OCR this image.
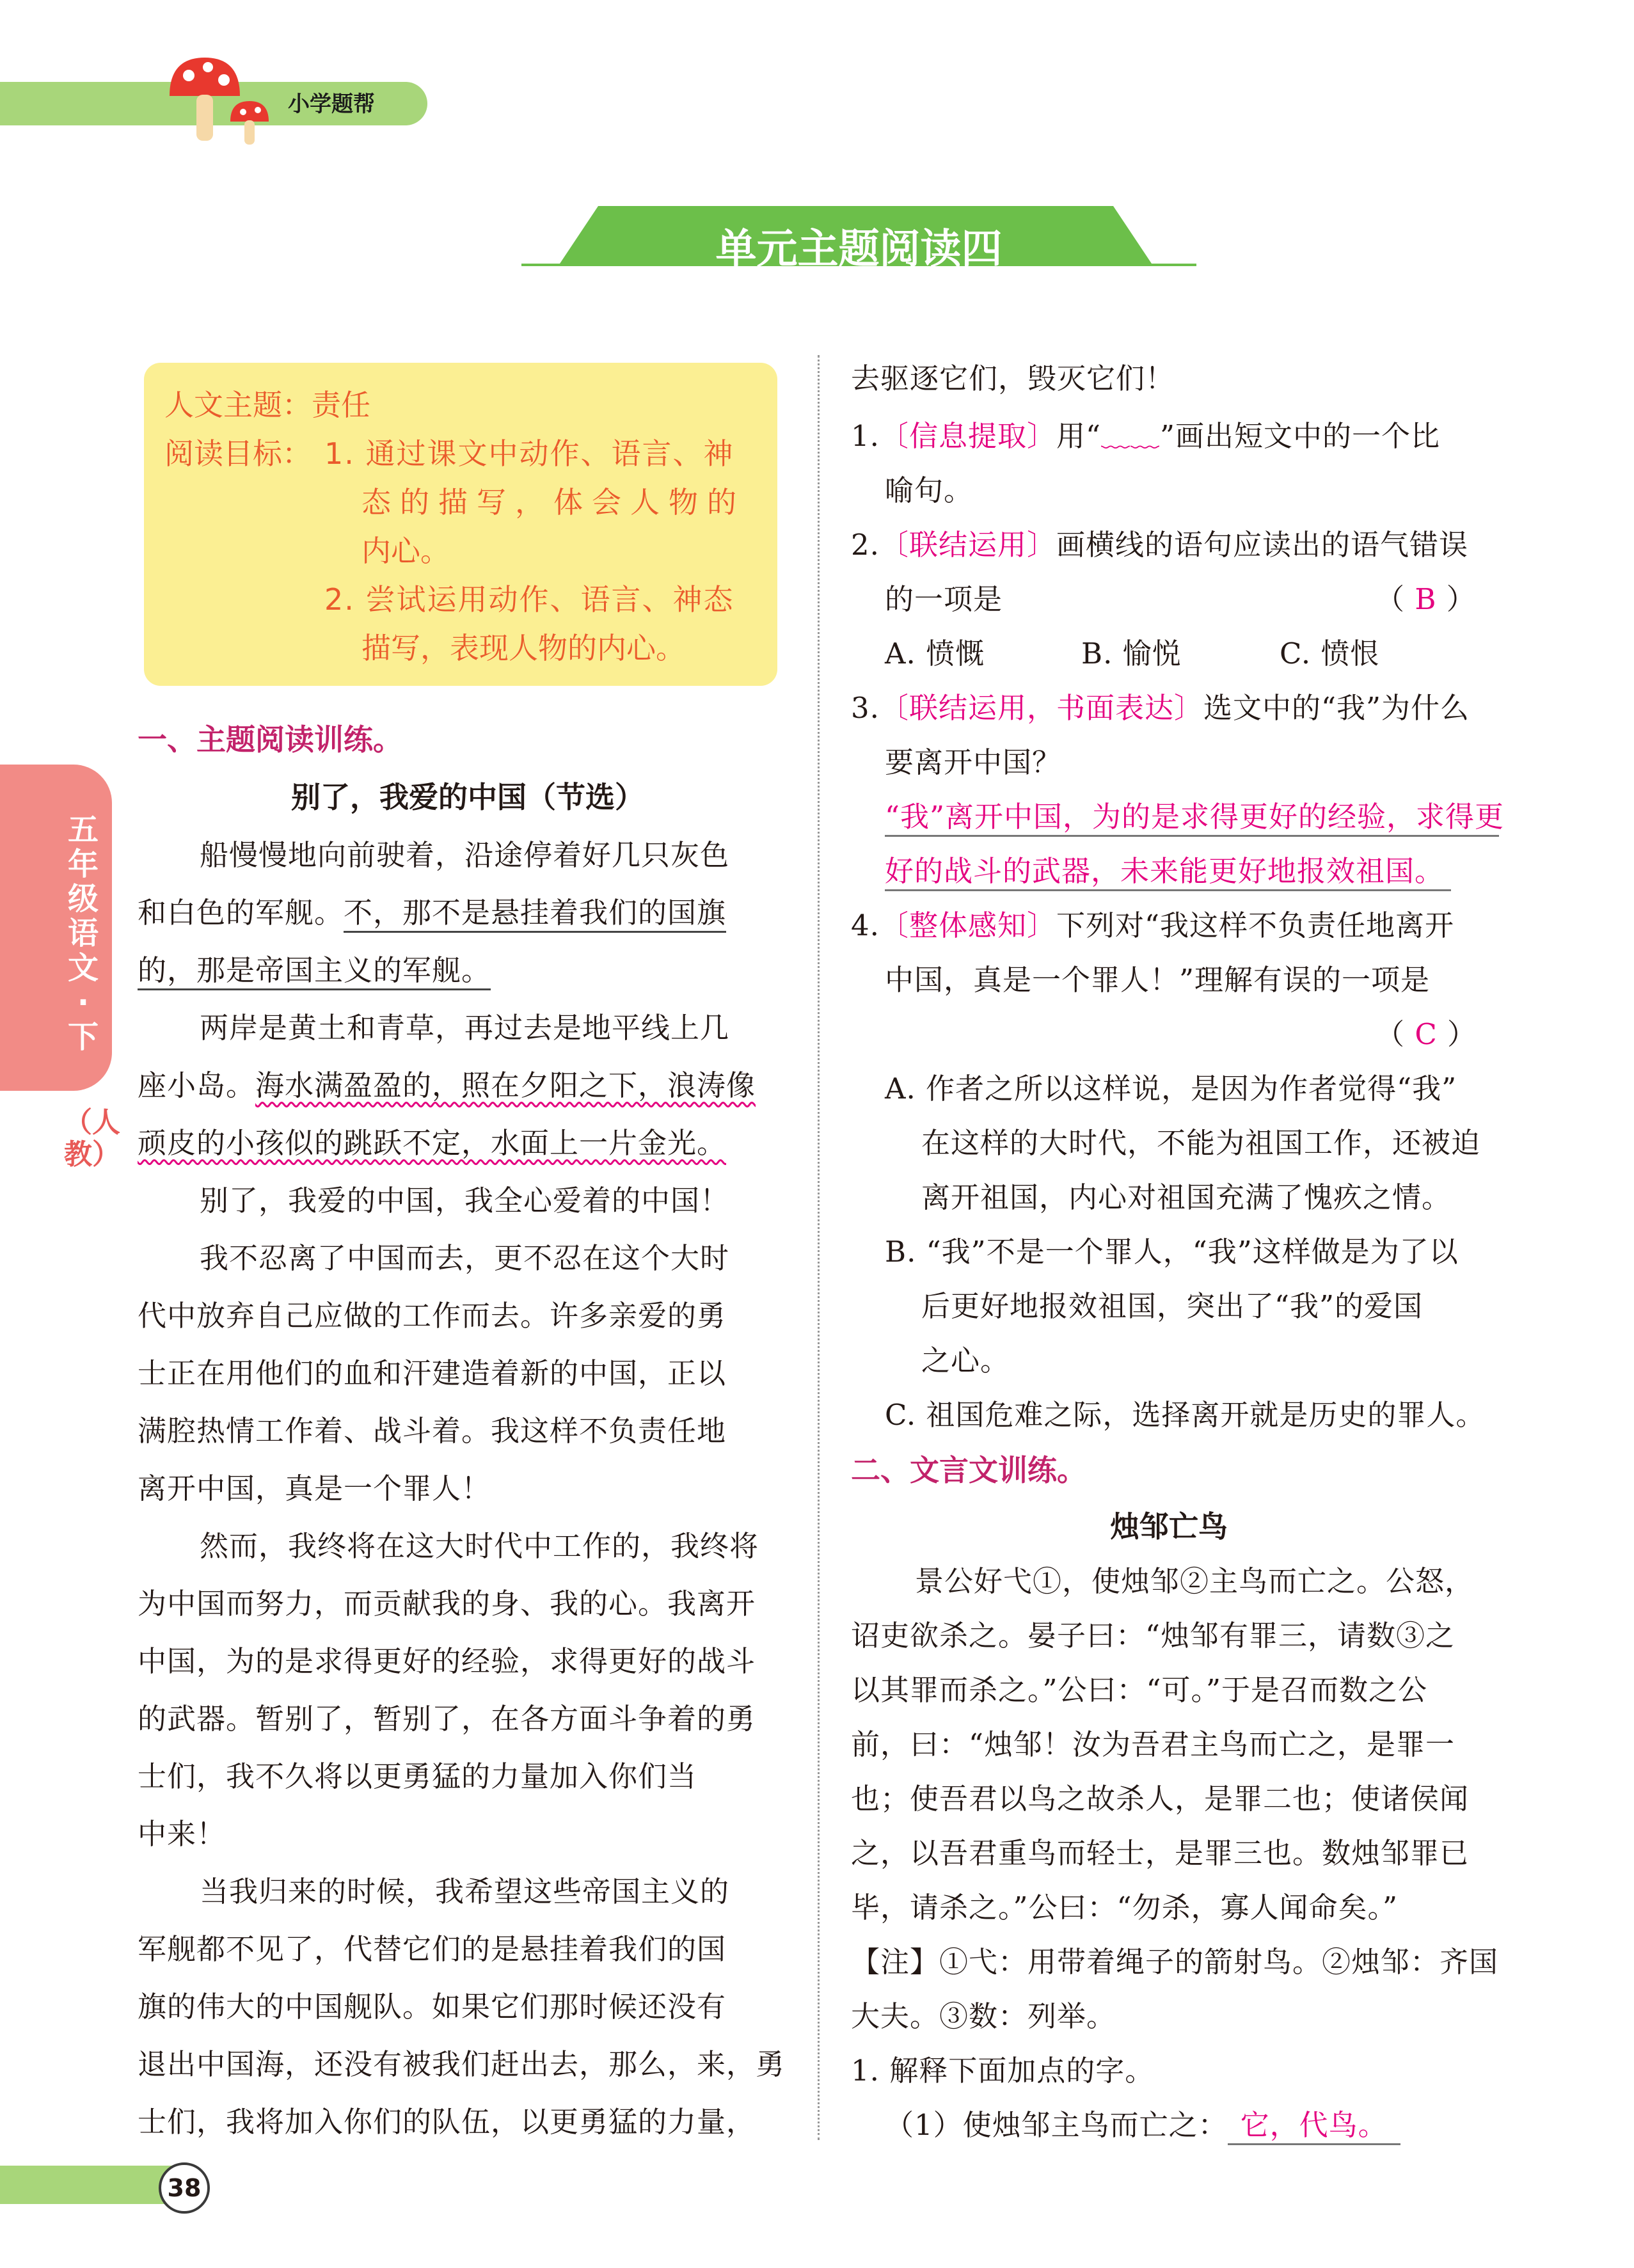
小学题帮
单元主题阅读四
人文主题：责任
阅读目标： 1. 通过课文中动作、语言、神
态的描写，体会人物的
内心。
2. 尝试运用动作、语言、神态
描写，表现人物的内心。
五年级语文·下
（人教）
一、主题阅读训练。
别了，我爱的中国（节选）
船慢慢地向前驶着，沿途停着好几只灰色
和白色的军舰。不，那不是悬挂着我们的国旗
的，那是帝国主义的军舰。
两岸是黄土和青草，再过去是地平线上几
座小岛。海水满盈盈的，照在夕阳之下，浪涛像
顽皮的小孩似的跳跃不定，水面上一片金光。
别了，我爱的中国，我全心爱着的中国！
我不忍离了中国而去，更不忍在这个大时
代中放弃自己应做的工作而去。许多亲爱的勇
士正在用他们的血和汗建造着新的中国，正以
满腔热情工作着、战斗着。我这样不负责任地
离开中国，真是一个罪人！
然而，我终将在这大时代中工作的，我终将
为中国而努力，而贡献我的身、我的心。我离开
中国，为的是求得更好的经验，求得更好的战斗
的武器。暂别了，暂别了，在各方面斗争着的勇
士们，我不久将以更勇猛的力量加入你们当
中来！
当我归来的时候，我希望这些帝国主义的
军舰都不见了，代替它们的是悬挂着我们的国
旗的伟大的中国舰队。如果它们那时候还没有
退出中国海，还没有被我们赶出去，那么，来，勇
士们，我将加入你们的队伍，以更勇猛的力量，
去驱逐它们，毁灭它们！
1.〔信息提取〕用“﹏﹏”画出短文中的一个比
喻句。
2.〔联结运用〕画横线的语句应读出的语气错误
的一项是	（ B ）
A. 愤慨	B. 愉悦	C. 愤恨
3.〔联结运用，书面表达〕选文中的“我”为什么
要离开中国？
“我”离开中国，为的是求得更好的经验，求得更
好的战斗的武器，未来能更好地报效祖国。
4.〔整体感知〕下列对“我这样不负责任地离开
中国，真是一个罪人！”理解有误的一项是
（ C ）
A. 作者之所以这样说，是因为作者觉得“我”
在这样的大时代，不能为祖国工作，还被迫
离开祖国，内心对祖国充满了愧疚之情。
B. “我”不是一个罪人，“我”这样做是为了以
后更好地报效祖国，突出了“我”的爱国
之心。
C. 祖国危难之际，选择离开就是历史的罪人。
二、文言文训练。
烛邹亡鸟
景公好弋①，使烛邹②主鸟而亡之。公怒，
诏吏欲杀之。晏子曰：“烛邹有罪三，请数③之
以其罪而杀之。”公曰：“可。”于是召而数之公
前，曰：“烛邹！汝为吾君主鸟而亡之，是罪一
也；使吾君以鸟之故杀人，是罪二也；使诸侯闻
之，以吾君重鸟而轻士，是罪三也。数烛邹罪已
毕，请杀之。”公曰：“勿杀，寡人闻命矣。”
【注】①弋：用带着绳子的箭射鸟。②烛邹：齐国
大夫。③数：列举。
1. 解释下面加点的字。
（1）使烛邹主鸟而亡之： 它，代鸟。
38
